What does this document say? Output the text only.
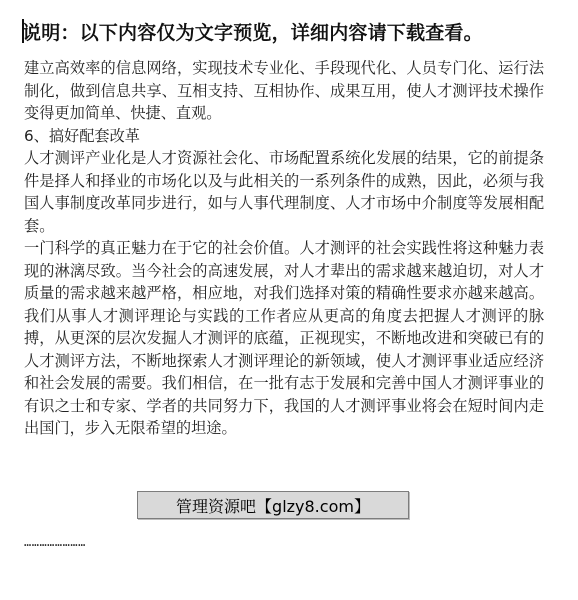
说明：以下内容仅为文字预览，详细内容请下载查看。

建立高效率的信息网络，实现技术专业化、手段现代化、人员专门化、运行法制化，做到信息共享、互相支持、互相协作、成果互用，使人才测评技术操作变得更加简单、快捷、直观。

6、搞好配套改革

人才测评产业化是人才资源社会化、市场配置系统化发展的结果，它的前提条件是择人和择业的市场化以及与此相关的一系列条件的成熟，因此，必须与我国人事制度改革同步进行，如与人事代理制度、人才市场中介制度等发展相配套。

一门科学的真正魅力在于它的社会价值。人才测评的社会实践性将这种魅力表现的淋漓尽致。当今社会的高速发展，对人才辈出的需求越来越迫切，对人才质量的需求越来越严格，相应地，对我们选择对策的精确性要求亦越来越高。我们从事人才测评理论与实践的工作者应从更高的角度去把握人才测评的脉搏，从更深的层次发掘人才测评的底蕴，正视现实，不断地改进和突破已有的人才测评方法，不断地探索人才测评理论的新领域，使人才测评事业适应经济和社会发展的需要。我们相信，在一批有志于发展和完善中国人才测评事业的有识之士和专家、学者的共同努力下，我国的人才测评事业将会在短时间内走出国门，步入无限希望的坦途。

……………………
管理资源吧【glzy8.com】
